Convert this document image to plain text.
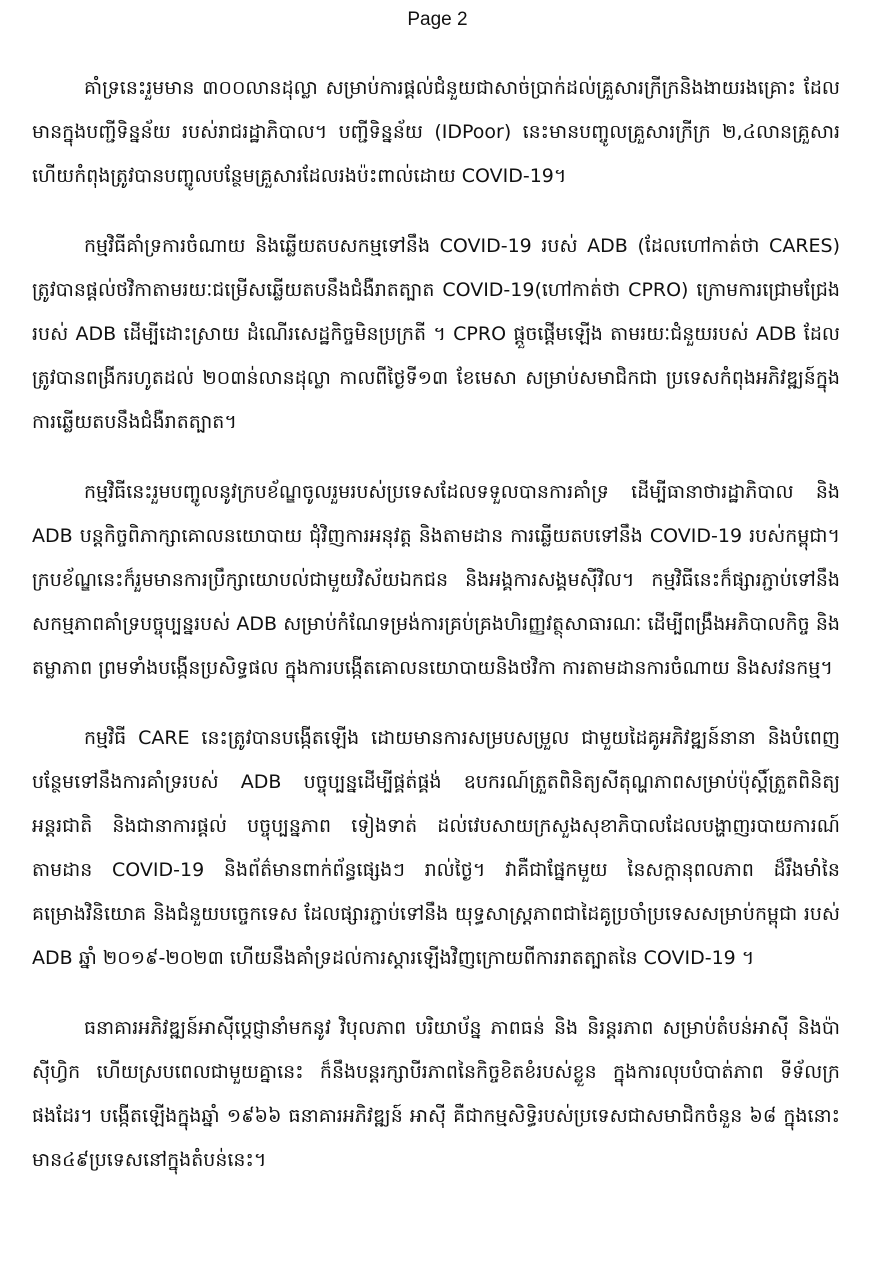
Page 2

គាំទ្រនេះរួមមាន ៣០០លានដុល្លា សម្រាប់ការផ្តល់ជំនួយជាសាច់ប្រាក់ដល់គ្រួសារក្រីក្រនិងងាយរងគ្រោះ ដែលមានក្នុងបញ្ជីទិន្នន័យ របស់រាជរដ្ឋាភិបាល។ បញ្ជីទិន្នន័យ (IDPoor) នេះមានបញ្ចូលគ្រួសារក្រីក្រ ២,៤លានគ្រួសារ ហើយកំពុងត្រូវបានបញ្ចូលបន្ថែមគ្រួសារដែលរងប៉ះពាល់ដោយ COVID-19។

កម្មវិធីគាំទ្រការចំណាយ និងឆ្លើយតបសកម្មទៅនឹង COVID-19 របស់ ADB (ដែលហៅកាត់ថា CARES) ត្រូវបានផ្តល់ថវិកាតាមរយៈជម្រើសឆ្លើយតបនឹងជំងឺរាតត្បាត COVID-19(ហៅកាត់ថា CPRO) ក្រោមការជ្រោមជ្រែងរបស់ ADB ដើម្បីដោះស្រាយ ដំណើរសេដ្ឋកិច្ចមិនប្រក្រតី ។ CPRO ផ្តួចផ្តើមឡើង តាមរយៈជំនួយរបស់ ADB ដែលត្រូវបានពង្រីករហូតដល់ ២០៣ន់លានដុល្លា កាលពីថ្ងៃទី១៣ ខែមេសា សម្រាប់សមាជិកជា ប្រទេសកំពុងអភិវឌ្ឍន៍ក្នុងការឆ្លើយតបនឹងជំងឺរាតត្បាត។

កម្មវិធីនេះរួមបញ្ចូលនូវក្របខ័ណ្ឌចូលរួមរបស់ប្រទេសដែលទទួលបានការគាំទ្រ ដើម្បីធានាថារដ្ឋាភិបាល និង ADB បន្តកិច្ចពិភាក្សាគោលនយោបាយ ជុំវិញការអនុវត្ត និងតាមដាន ការឆ្លើយតបទៅនឹង COVID-19 របស់កម្ពុជា។ ក្របខ័ណ្ឌនេះក៏រួមមានការប្រឹក្សាយោបល់ជាមួយវិស័យឯកជន និងអង្គការសង្គមស៊ីវិល។ កម្មវិធីនេះក៏ផ្សារភ្ជាប់ទៅនឹងសកម្មភាពគាំទ្របច្ចុប្បន្នរបស់ ADB សម្រាប់កំណែទម្រង់ការគ្រប់គ្រងហិរញ្ញវត្ថុសាធារណៈ ដើម្បីពង្រឹងអភិបាលកិច្ច និងតម្លាភាព ព្រមទាំងបង្កើនប្រសិទ្ធផល ក្នុងការបង្កើតគោលនយោបាយនិងថវិកា ការតាមដានការចំណាយ និងសវនកម្ម។

កម្មវិធី CARE នេះត្រូវបានបង្កើតឡើង ដោយមានការសម្របសម្រួល ជាមួយដៃគូអភិវឌ្ឍន៍នានា និងបំពេញបន្ថែមទៅនឹងការគាំទ្ររបស់ ADB បច្ចុប្បន្នដើម្បីផ្គត់ផ្គង់ ឧបករណ៍ត្រួតពិនិត្យសីតុណ្ហភាពសម្រាប់ប៉ុស្តិ៍ត្រួតពិនិត្យ អន្តរជាតិ និងជានាការផ្តល់ បច្ចុប្បន្នភាព ទៀងទាត់ ដល់វេបសាយក្រសួងសុខាភិបាលដែលបង្ហាញរបាយការណ៍តាមដាន COVID-19 និងព័ត៌មានពាក់ព័ន្ធផ្សេងៗ រាល់ថ្ងៃ។ វាគឺជាផ្នែកមួយ នៃសក្តានុពលភាព ដ៏រឹងមាំនៃគម្រោងវិនិយោគ និងជំនួយបច្ចេកទេស ដែលផ្សារភ្ជាប់ទៅនឹង យុទ្ធសាស្ត្រភាពជាដៃគូប្រចាំប្រទេសសម្រាប់កម្ពុជា របស់ ADB ឆ្នាំ ២០១៩-២០២៣ ហើយនឹងគាំទ្រដល់ការស្តារឡើងវិញក្រោយពីការរាតត្បាតនៃ COVID-19 ។

ធនាគារអភិវឌ្ឍន៍អាស៊ីប្តេជ្ញានាំមកនូវ វិបុលភាព បរិយាប័ន្ន ភាពធន់ និង និរន្តរភាព សម្រាប់តំបន់អាស៊ី និងប៉ាស៊ីហ្វិក ហើយស្របពេលជាមួយគ្នានេះ ក៏នឹងបន្តរក្សាបីរភាពនៃកិច្ចខិតខំរបស់ខ្លួន ក្នុងការលុបបំបាត់ភាព ទីទ័លក្រផងដែរ។ បង្កើតឡើងក្នុងឆ្នាំ ១៩៦៦ ធនាគារអភិវឌ្ឍន៍ អាស៊ី គឺជាកម្មសិទ្ធិរបស់ប្រទេសជាសមាជិកចំនួន ៦៨ ក្នុងនោះ មាន៤៩ប្រទេសនៅក្នុងតំបន់នេះ។
